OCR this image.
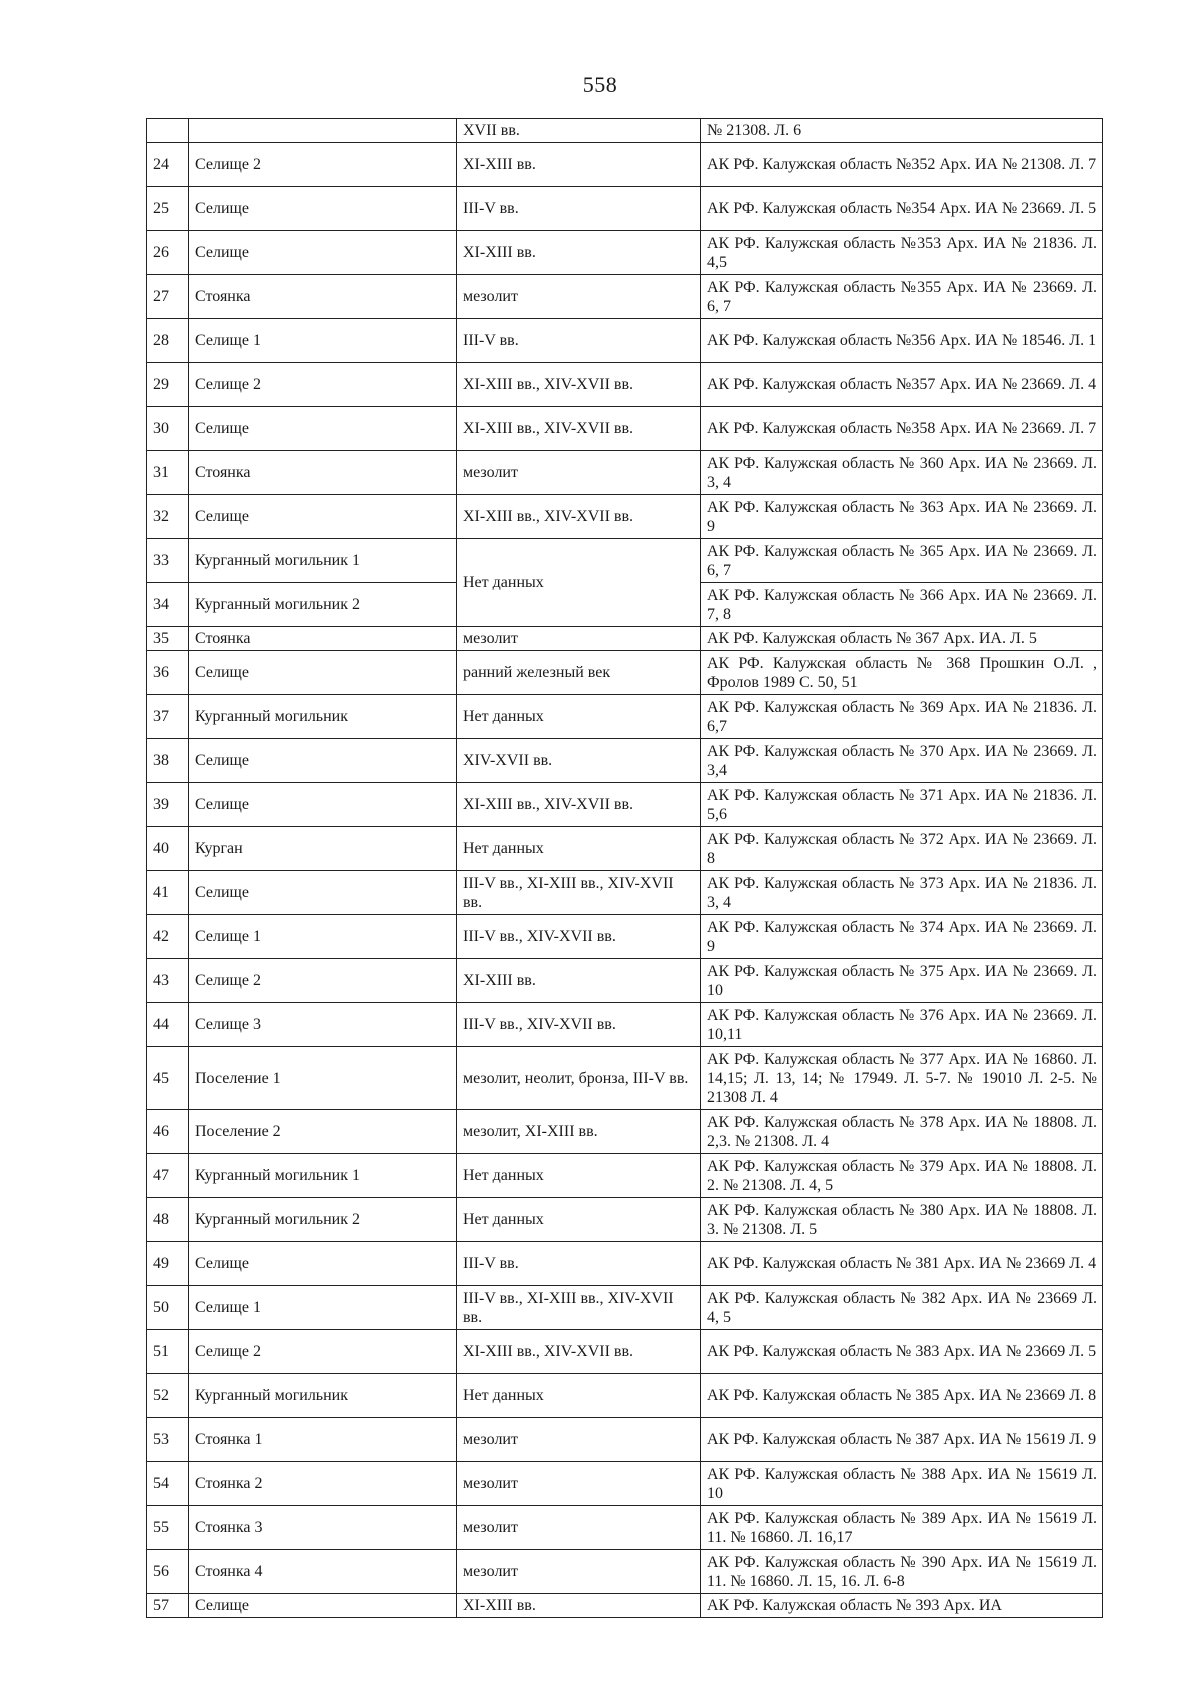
558
		XVII вв.	№ 21308. Л. 6
24	Селище 2	XI-XIII вв.	АК РФ. Калужская область №352 Арх. ИА № 21308. Л. 7
25	Селище	III-V вв.	АК РФ. Калужская область №354 Арх. ИА № 23669. Л. 5
26	Селище	XI-XIII вв.	АК РФ. Калужская область №353 Арх. ИА № 21836. Л. 4,5
27	Стоянка	мезолит	АК РФ. Калужская область №355 Арх. ИА № 23669. Л. 6, 7
28	Селище 1	III-V вв.	АК РФ. Калужская область №356 Арх. ИА № 18546. Л. 1
29	Селище 2	XI-XIII вв., XIV-XVII вв.	АК РФ. Калужская область №357 Арх. ИА № 23669. Л. 4
30	Селище	XI-XIII вв., XIV-XVII вв.	АК РФ. Калужская область №358 Арх. ИА № 23669. Л. 7
31	Стоянка	мезолит	АК РФ. Калужская область № 360 Арх. ИА № 23669. Л. 3, 4
32	Селище	XI-XIII вв., XIV-XVII вв.	АК РФ. Калужская область № 363 Арх. ИА № 23669. Л. 9
33	Курганный могильник 1	Нет данных	АК РФ. Калужская область № 365 Арх. ИА № 23669. Л. 6, 7
34	Курганный могильник 2		АК РФ. Калужская область № 366 Арх. ИА № 23669. Л. 7, 8
35	Стоянка	мезолит	АК РФ. Калужская область № 367 Арх. ИА. Л. 5
36	Селище	ранний железный век	АК РФ. Калужская область № 368 Прошкин О.Л. , Фролов 1989 С. 50, 51
37	Курганный могильник	Нет данных	АК РФ. Калужская область № 369 Арх. ИА № 21836. Л. 6,7
38	Селище	XIV-XVII вв.	АК РФ. Калужская область № 370 Арх. ИА № 23669. Л. 3,4
39	Селище	XI-XIII вв., XIV-XVII вв.	АК РФ. Калужская область № 371 Арх. ИА № 21836. Л. 5,6
40	Курган	Нет данных	АК РФ. Калужская область № 372 Арх. ИА № 23669. Л. 8
41	Селище	III-V вв., XI-XIII вв., XIV-XVII вв.	АК РФ. Калужская область № 373 Арх. ИА № 21836. Л. 3, 4
42	Селище 1	III-V вв., XIV-XVII вв.	АК РФ. Калужская область № 374 Арх. ИА № 23669. Л. 9
43	Селище 2	XI-XIII вв.	АК РФ. Калужская область № 375 Арх. ИА № 23669. Л. 10
44	Селище 3	III-V вв., XIV-XVII вв.	АК РФ. Калужская область № 376 Арх. ИА № 23669. Л. 10,11
45	Поселение 1	мезолит, неолит, бронза, III-V вв.	АК РФ. Калужская область № 377 Арх. ИА № 16860. Л. 14,15; Л. 13, 14; № 17949. Л. 5-7. № 19010 Л. 2-5. № 21308 Л. 4
46	Поселение 2	мезолит, XI-XIII вв.	АК РФ. Калужская область № 378 Арх. ИА № 18808. Л. 2,3. № 21308. Л. 4
47	Курганный могильник 1	Нет данных	АК РФ. Калужская область № 379 Арх. ИА № 18808. Л. 2. № 21308. Л. 4, 5
48	Курганный могильник 2	Нет данных	АК РФ. Калужская область № 380 Арх. ИА № 18808. Л. 3. № 21308. Л. 5
49	Селище	III-V вв.	АК РФ. Калужская область № 381 Арх. ИА № 23669 Л. 4
50	Селище 1	III-V вв., XI-XIII вв., XIV-XVII вв.	АК РФ. Калужская область № 382 Арх. ИА № 23669 Л. 4, 5
51	Селище 2	XI-XIII вв., XIV-XVII вв.	АК РФ. Калужская область № 383 Арх. ИА № 23669 Л. 5
52	Курганный могильник	Нет данных	АК РФ. Калужская область № 385 Арх. ИА № 23669 Л. 8
53	Стоянка 1	мезолит	АК РФ. Калужская область № 387 Арх. ИА № 15619 Л. 9
54	Стоянка 2	мезолит	АК РФ. Калужская область № 388 Арх. ИА № 15619 Л. 10
55	Стоянка 3	мезолит	АК РФ. Калужская область № 389 Арх. ИА № 15619 Л. 11. № 16860. Л. 16,17
56	Стоянка 4	мезолит	АК РФ. Калужская область № 390 Арх. ИА № 15619 Л. 11. № 16860. Л. 15, 16. Л. 6-8
57	Селище	XI-XIII вв.	АК РФ. Калужская область № 393 Арх. ИА
